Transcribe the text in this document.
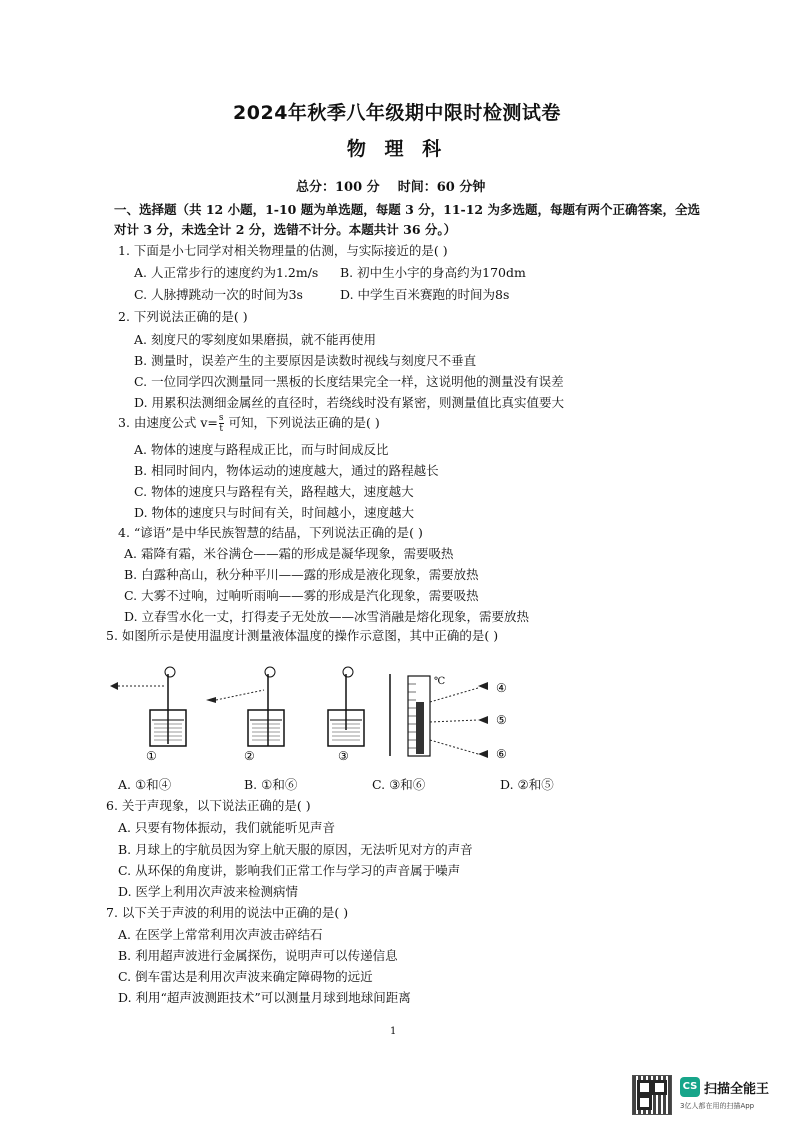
2024年秋季八年级期中限时检测试卷
物 理 科
总分：100 分    时间：60 分钟
一、选择题（共 12 小题，1-10 题为单选题，每题 3 分，11-12 为多选题，每题有两个正确答案，全选
对计 3 分，未选全计 2 分，选错不计分。本题共计 36 分。）
1. 下面是小七同学对相关物理量的估测，与实际接近的是( )
A. 人正常步行的速度约为1.2m/s B. 初中生小宇的身高约为170dm
C. 人脉搏跳动一次的时间为3s	D. 中学生百米赛跑的时间为8s
2. 下列说法正确的是( )
A. 刻度尺的零刻度如果磨损，就不能再使用
B. 测量时，误差产生的主要原因是读数时视线与刻度尺不垂直
C. 一位同学四次测量同一黑板的长度结果完全一样，这说明他的测量没有误差
D. 用累积法测细金属丝的直径时，若绕线时没有紧密，则测量值比真实值要大
3. 由速度公式 $v= \frac{s}{t}$ 可知，下列说法正确的是( )
A. 物体的速度与路程成正比，而与时间成反比
B. 相同时间内，物体运动的速度越大，通过的路程越长
C. 物体的速度只与路程有关，路程越大，速度越大
D. 物体的速度只与时间有关，时间越小，速度越大
4. “谚语”是中华民族智慧的结晶，下列说法正确的是( )
A. 霜降有霜，米谷满仓——霜的形成是凝华现象，需要吸热
B. 白露种高山，秋分种平川——露的形成是液化现象，需要放热
C. 大雾不过响，过响听雨响——雾的形成是汽化现象，需要吸热
D. 立春雪水化一丈，打得麦子无处放——冰雪消融是熔化现象，需要放热
5. 如图所示是使用温度计测量液体温度的操作示意图，其中正确的是( )
①	②	③
℃	④
⑤
⑥
A. ①和④	B. ①和⑥	C. ③和⑥	D. ②和⑤
6. 关于声现象，以下说法正确的是( )
A. 只要有物体振动，我们就能听见声音
B. 月球上的宇航员因为穿上航天服的原因，无法听见对方的声音
C. 从环保的角度讲，影响我们正常工作与学习的声音属于噪声
D. 医学上利用次声波来检测病情
7. 以下关于声波的利用的说法中正确的是( )
A. 在医学上常常利用次声波击碎结石
B. 利用超声波进行金属探伤，说明声可以传递信息
C. 倒车雷达是利用次声波来确定障碍物的远近
D. 利用“超声波测距技术”可以测量月球到地球间距离
1
CS 扫描全能王
3亿人都在用的扫描App
